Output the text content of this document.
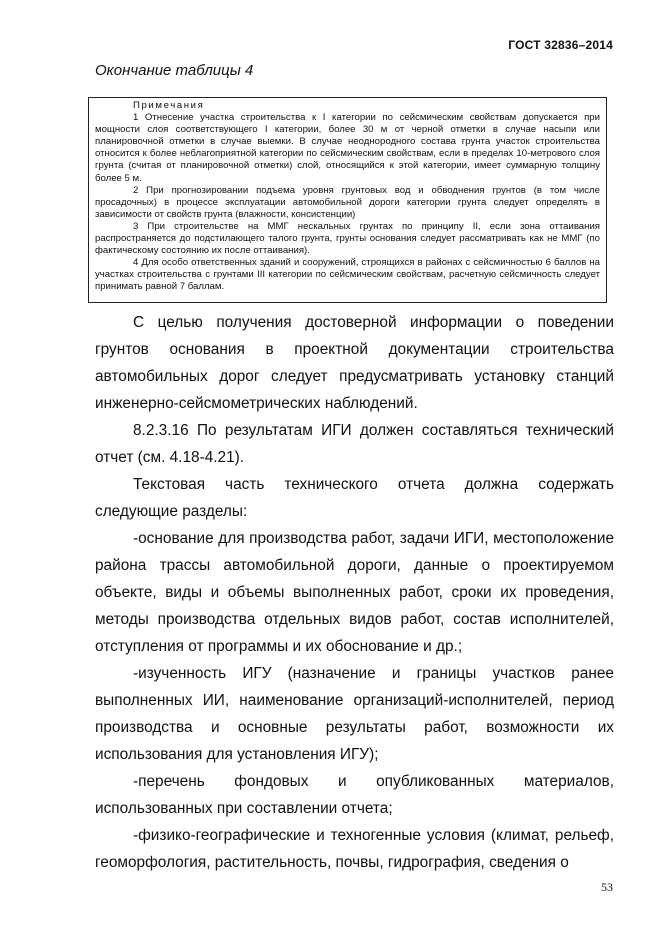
ГОСТ 32836–2014
Окончание таблицы 4
Примечания

1 Отнесение участка строительства к I категории по сейсмическим свойствам допускается при мощности слоя соответствующего I категории, более 30 м от черной отметки в случае насыпи или планировочной отметки в случае выемки. В случае неоднородного состава грунта участок строительства относится к более неблагоприятной категории по сейсмическим свойствам, если в пределах 10-метрового слоя грунта (считая от планировочной отметки) слой, относящийся к этой категории, имеет суммарную толщину более 5 м.

2 При прогнозировании подъема уровня грунтовых вод и обводнения грунтов (в том числе просадочных) в процессе эксплуатации автомобильной дороги категории грунта следует определять в зависимости от свойств грунта (влажности, консистенции)

3 При строительстве на ММГ нескальных грунтах по принципу II, если зона оттаивания распространяется до подстилающего талого грунта, грунты основания следует рассматривать как не ММГ (по фактическому состоянию их после оттаивания).

4 Для особо ответственных зданий и сооружений, строящихся в районах с сейсмичностью 6 баллов на участках строительства с грунтами III категории по сейсмическим свойствам, расчетную сейсмичность следует принимать равной 7 баллам.

С целью получения достоверной информации о поведении грунтов основания в проектной документации строительства автомобильных дорог следует предусматривать установку станций инженерно-сейсмометрических наблюдений.

8.2.3.16 По результатам ИГИ должен составляться технический отчет (см. 4.18-4.21).

Текстовая часть технического отчета должна содержать следующие разделы:

-основание для производства работ, задачи ИГИ, местоположение района трассы автомобильной дороги, данные о проектируемом объекте, виды и объемы выполненных работ, сроки их проведения, методы производства отдельных видов работ, состав исполнителей, отступления от программы и их обоснование и др.;

-изученность ИГУ (назначение и границы участков ранее выполненных ИИ, наименование организаций-исполнителей, период производства и основные результаты работ, возможности их использования для установления ИГУ);

-перечень фондовых и опубликованных материалов, использованных при составлении отчета;

-физико-географические и техногенные условия (климат, рельеф, геоморфология, растительность, почвы, гидрография, сведения о

53
